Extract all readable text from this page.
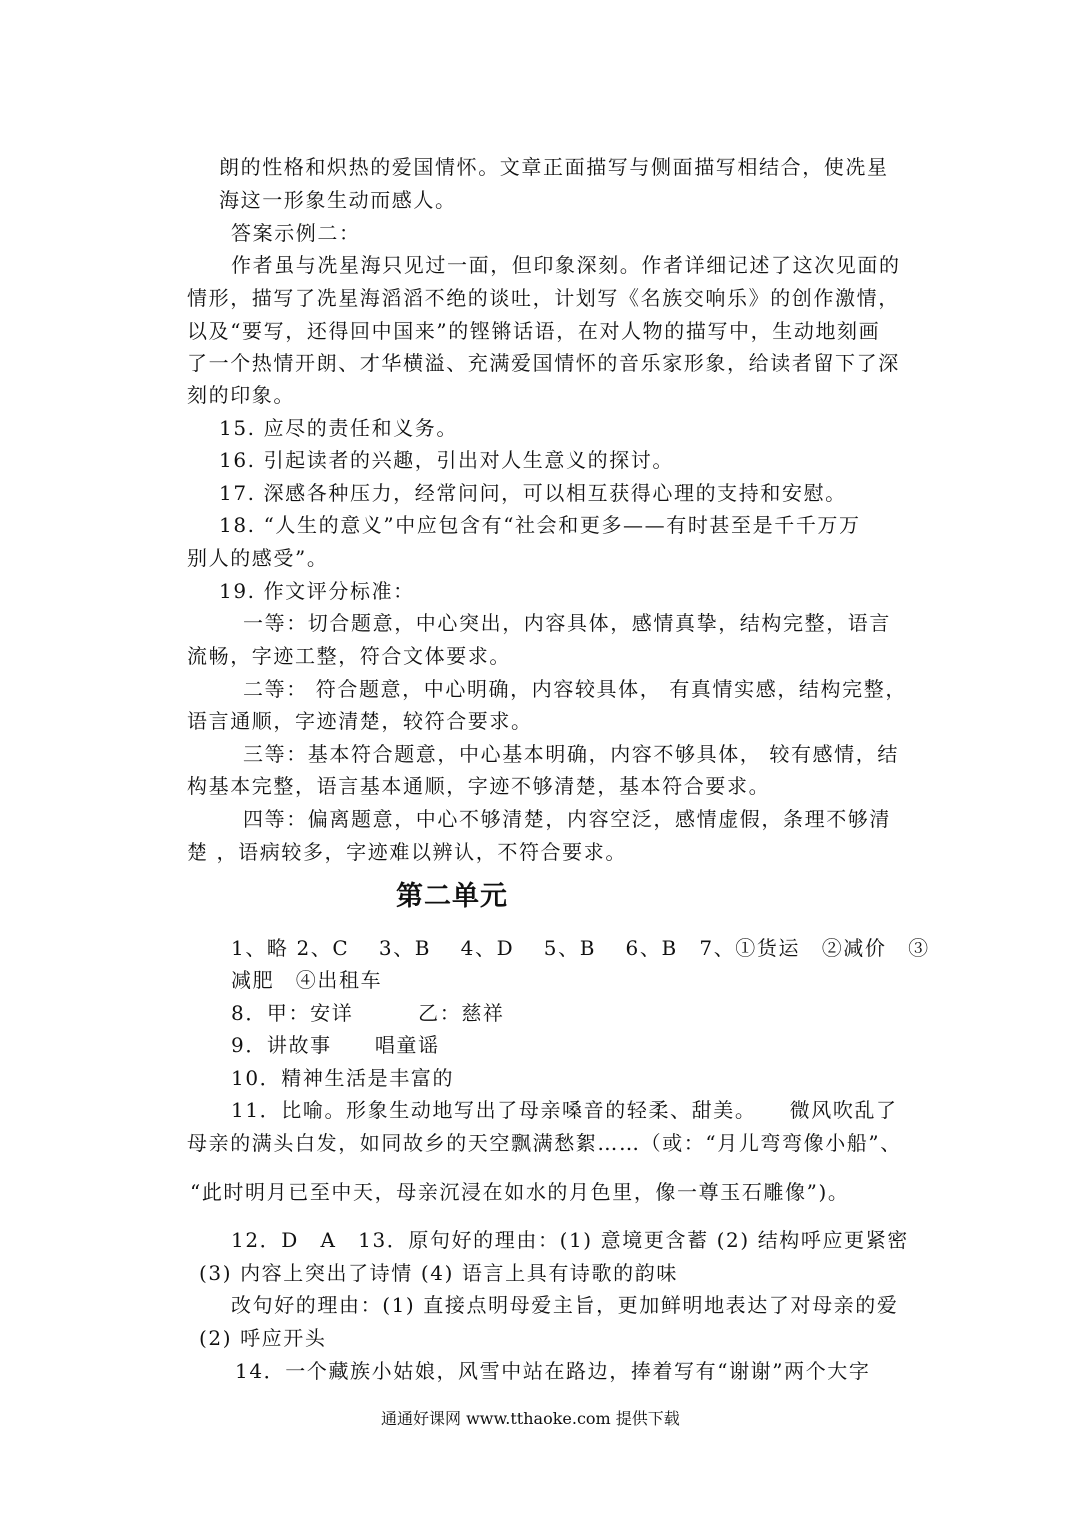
朗的性格和炽热的爱国情怀。文章正面描写与侧面描写相结合，使冼星
海这一形象生动而感人。
答案示例二：
作者虽与冼星海只见过一面，但印象深刻。作者详细记述了这次见面的
情形，描写了冼星海滔滔不绝的谈吐，计划写《名族交响乐》的创作激情，
以及“要写，还得回中国来”的铿锵话语，在对人物的描写中，生动地刻画
了一个热情开朗、才华横溢、充满爱国情怀的音乐家形象，给读者留下了深
刻的印象。
15. 应尽的责任和义务。
16. 引起读者的兴趣，引出对人生意义的探讨。
17. 深感各种压力，经常问问，可以相互获得心理的支持和安慰。
18. “人生的意义”中应包含有“社会和更多——有时甚至是千千万万
别人的感受”。
19. 作文评分标准：
一等：切合题意，中心突出，内容具体，感情真挚，结构完整，语言
流畅，字迹工整，符合文体要求。
二等： 符合题意，中心明确，内容较具体， 有真情实感，结构完整，
语言通顺，字迹清楚，较符合要求。
三等：基本符合题意，中心基本明确，内容不够具体， 较有感情，结
构基本完整，语言基本通顺，字迹不够清楚，基本符合要求。
四等：偏离题意，中心不够清楚，内容空泛，感情虚假，条理不够清
楚 ，语病较多，字迹难以辨认，不符合要求。
第二单元
1、略 2、C　 3、B　 4、D　 5、B　 6、B　7、①货运　②减价　③
减肥　④出租车
8．甲：安详　　　乙：慈祥
9．讲故事　　唱童谣
10．精神生活是丰富的
11．比喻。形象生动地写出了母亲嗓音的轻柔、甜美。　　微风吹乱了
母亲的满头白发，如同故乡的天空飘满愁絮……（或：“月儿弯弯像小船”、
“此时明月已至中天，母亲沉浸在如水的月色里，像一尊玉石雕像”)。
12．D　A　13．原句好的理由：(1) 意境更含蓄 (2) 结构呼应更紧密
(3) 内容上突出了诗情 (4) 语言上具有诗歌的韵味
改句好的理由：(1) 直接点明母爱主旨，更加鲜明地表达了对母亲的爱
(2) 呼应开头
14．一个藏族小姑娘，风雪中站在路边，捧着写有“谢谢”两个大字
通通好课网 www.tthaoke.com 提供下载
